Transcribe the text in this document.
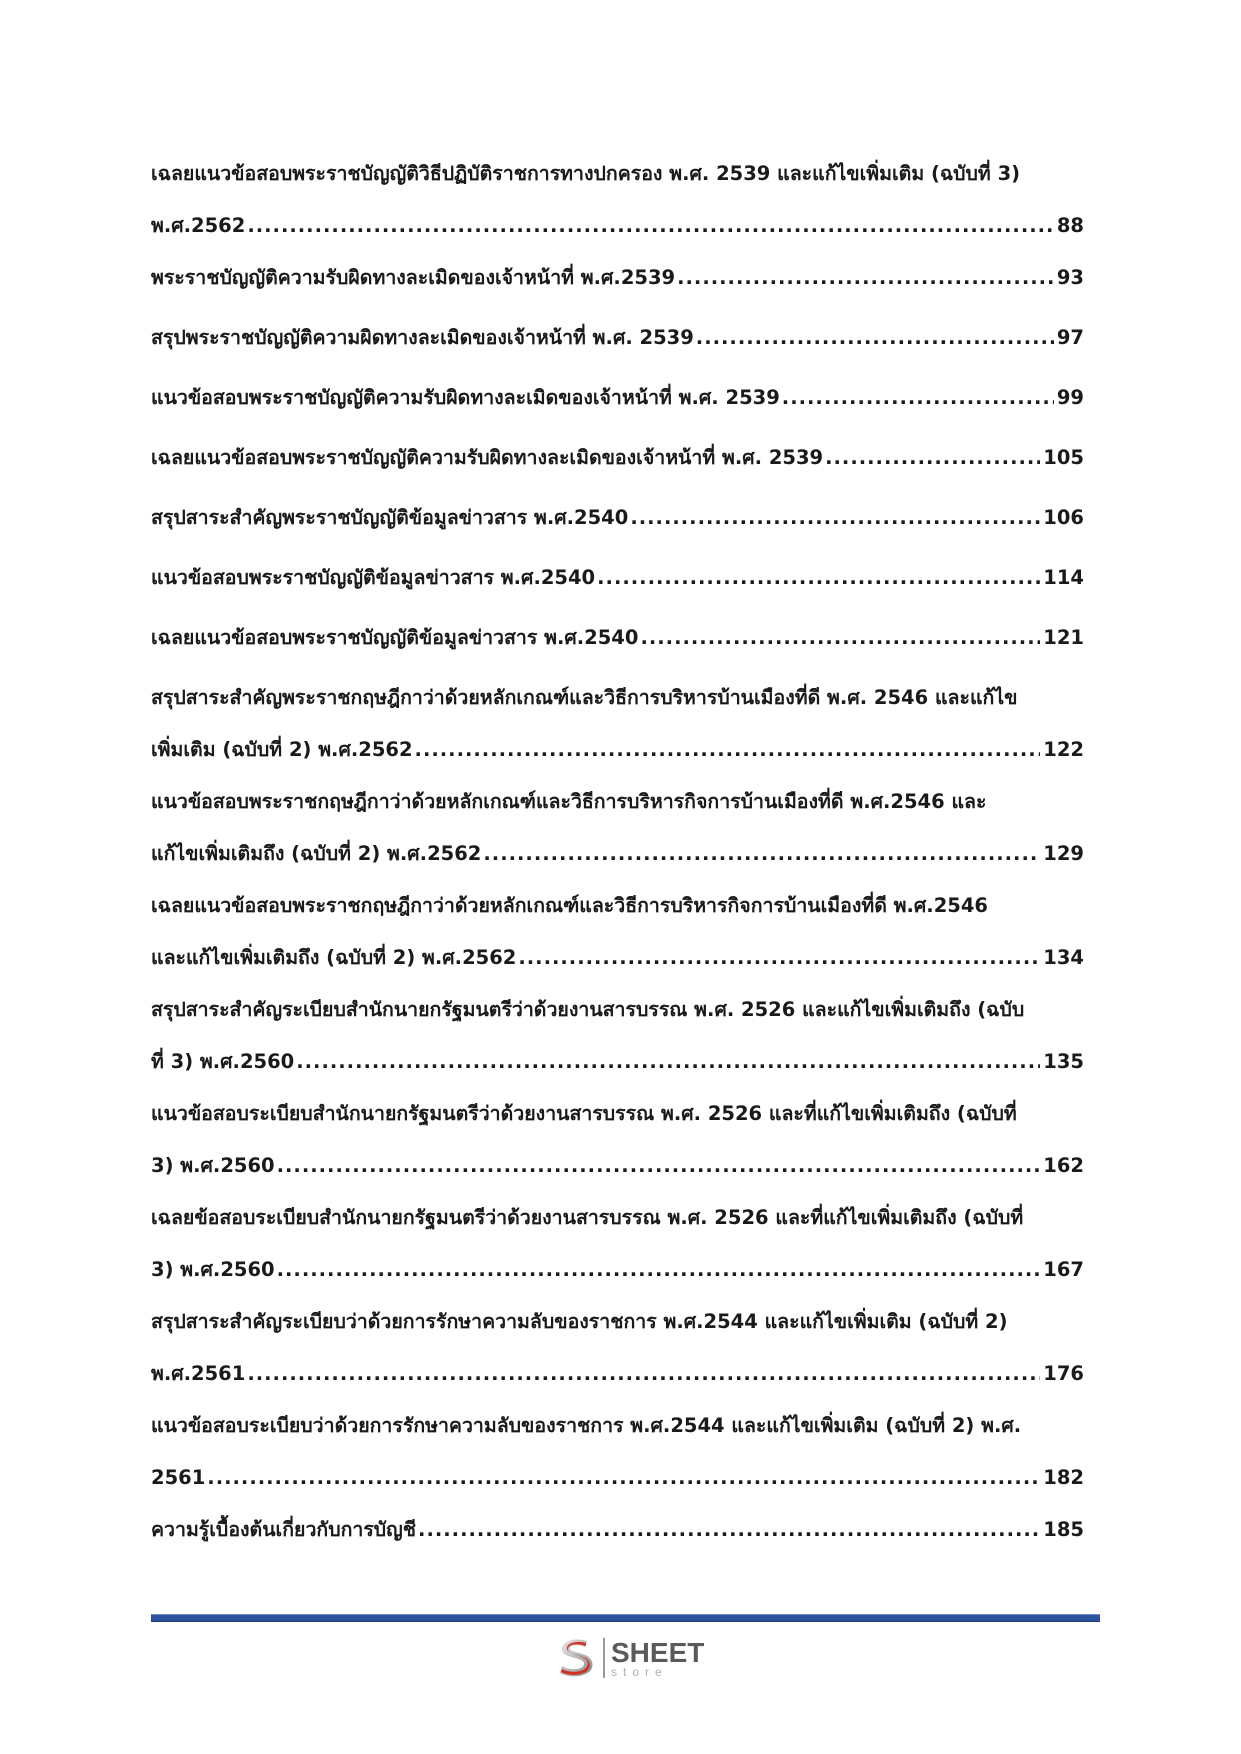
เฉลยแนวข้อสอบพระราชบัญญัติวิธีปฏิบัติราชการทางปกครอง พ.ศ. 2539 และแก้ไขเพิ่มเติม (ฉบับที่ 3)
พ.ศ.2562 .....	88
พระราชบัญญัติความรับผิดทางละเมิดของเจ้าหน้าที่ พ.ศ.2539 .....	93
สรุปพระราชบัญญัติความผิดทางละเมิดของเจ้าหน้าที่ พ.ศ. 2539 .....	97
แนวข้อสอบพระราชบัญญัติความรับผิดทางละเมิดของเจ้าหน้าที่ พ.ศ. 2539 .....	99
เฉลยแนวข้อสอบพระราชบัญญัติความรับผิดทางละเมิดของเจ้าหน้าที่ พ.ศ. 2539 .....	105
สรุปสาระสำคัญพระราชบัญญัติข้อมูลข่าวสาร พ.ศ.2540 .....	106
แนวข้อสอบพระราชบัญญัติข้อมูลข่าวสาร พ.ศ.2540 .....	114
เฉลยแนวข้อสอบพระราชบัญญัติข้อมูลข่าวสาร พ.ศ.2540 .....	121
สรุปสาระสำคัญพระราชกฤษฎีกาว่าด้วยหลักเกณฑ์และวิธีการบริหารบ้านเมืองที่ดี พ.ศ. 2546 และแก้ไข
เพิ่มเติม (ฉบับที่ 2) พ.ศ.2562 .....	122
แนวข้อสอบพระราชกฤษฎีกาว่าด้วยหลักเกณฑ์และวิธีการบริหารกิจการบ้านเมืองที่ดี พ.ศ.2546 และ
แก้ไขเพิ่มเติมถึง (ฉบับที่ 2) พ.ศ.2562 .....	129
เฉลยแนวข้อสอบพระราชกฤษฎีกาว่าด้วยหลักเกณฑ์และวิธีการบริหารกิจการบ้านเมืองที่ดี พ.ศ.2546
และแก้ไขเพิ่มเติมถึง (ฉบับที่ 2) พ.ศ.2562 .....	134
สรุปสาระสำคัญระเบียบสำนักนายกรัฐมนตรีว่าด้วยงานสารบรรณ พ.ศ. 2526 และแก้ไขเพิ่มเติมถึง (ฉบับ
ที่ 3) พ.ศ.2560 .....	135
แนวข้อสอบระเบียบสำนักนายกรัฐมนตรีว่าด้วยงานสารบรรณ พ.ศ. 2526 และที่แก้ไขเพิ่มเติมถึง (ฉบับที่
3) พ.ศ.2560 .....	162
เฉลยข้อสอบระเบียบสำนักนายกรัฐมนตรีว่าด้วยงานสารบรรณ พ.ศ. 2526 และที่แก้ไขเพิ่มเติมถึง (ฉบับที่
3) พ.ศ.2560 .....	167
สรุปสาระสำคัญระเบียบว่าด้วยการรักษาความลับของราชการ พ.ศ.2544 และแก้ไขเพิ่มเติม (ฉบับที่ 2)
พ.ศ.2561 .....	176
แนวข้อสอบระเบียบว่าด้วยการรักษาความลับของราชการ พ.ศ.2544 และแก้ไขเพิ่มเติม (ฉบับที่ 2) พ.ศ.
2561 .....	182
ความรู้เบื้องต้นเกี่ยวกับการบัญชี .....	185
SHEET
store
